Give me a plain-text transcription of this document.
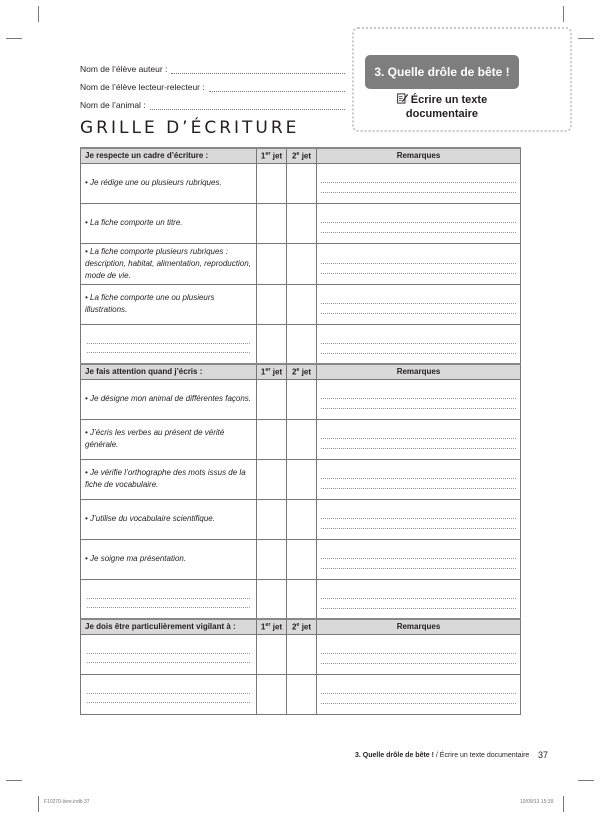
Nom de l’élève auteur :
Nom de l’élève lecteur-relecteur :
Nom de l’animal :
3. Quelle drôle de bête !
Écrire un texte
documentaire
GRILLE D’ÉCRITURE
Je respecte un cadre d’écriture :	1er jet	2e jet	Remarques
• Je rédige une ou plusieurs rubriques.			

• La fiche comporte un titre.			

• La fiche comporte plusieurs rubriques : description, habitat, alimentation, reproduction, mode de vie.			

• La fiche comporte une ou plusieurs illustrations.			

Je fais attention quand j’écris :	1er jet	2e jet	Remarques
• Je désigne mon animal de différentes façons.			

• J’écris les verbes au présent de vérité générale.			

• Je vérifie l’orthographe des mots issus de la fiche de vocabulaire.			

• J’utilise du vocabulaire scientifique.			

• Je soigne ma présentation.			

Je dois être particulièrement vigilant à :	1er jet	2e jet	Remarques

3. Quelle drôle de bête ! / Écrire un texte documentaire 37
F10270-livre.indb 37	10/09/13 15:39
